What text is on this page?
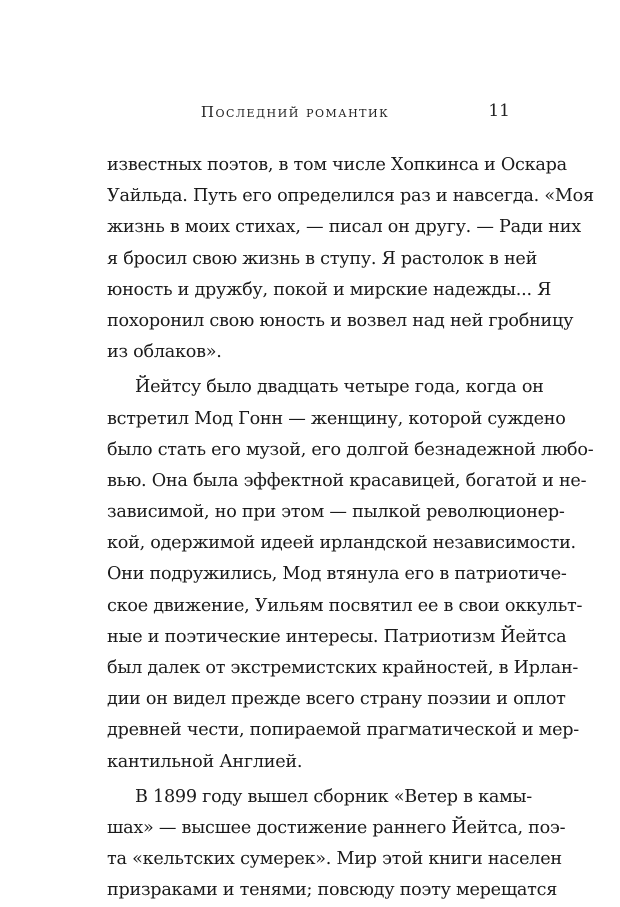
Последний романтик	11
известных поэтов, в том числе Хопкинса и Оскара
Уайльда. Путь его определился раз и навсегда. «Моя
жизнь в моих стихах, — писал он другу. — Ради них
я бросил свою жизнь в ступу. Я растолок в ней
юность и дружбу, покой и мирские надежды... Я
похоронил свою юность и возвел над ней гробницу
из облаков».
Йейтсу было двадцать четыре года, когда он
встретил Мод Гонн — женщину, которой суждено
было стать его музой, его долгой безнадежной любо-
вью. Она была эффектной красавицей, богатой и не-
зависимой, но при этом — пылкой революционер-
кой, одержимой идеей ирландской независимости.
Они подружились, Мод втянула его в патриотиче-
ское движение, Уильям посвятил ее в свои оккульт-
ные и поэтические интересы. Патриотизм Йейтса
был далек от экстремистских крайностей, в Ирлан-
дии он видел прежде всего страну поэзии и оплот
древней чести, попираемой прагматической и мер-
кантильной Англией.
В 1899 году вышел сборник «Ветер в камы-
шах» — высшее достижение раннего Йейтса, поэ-
та «кельтских сумерек». Мир этой книги населен
призраками и тенями; повсюду поэту мерещатся
